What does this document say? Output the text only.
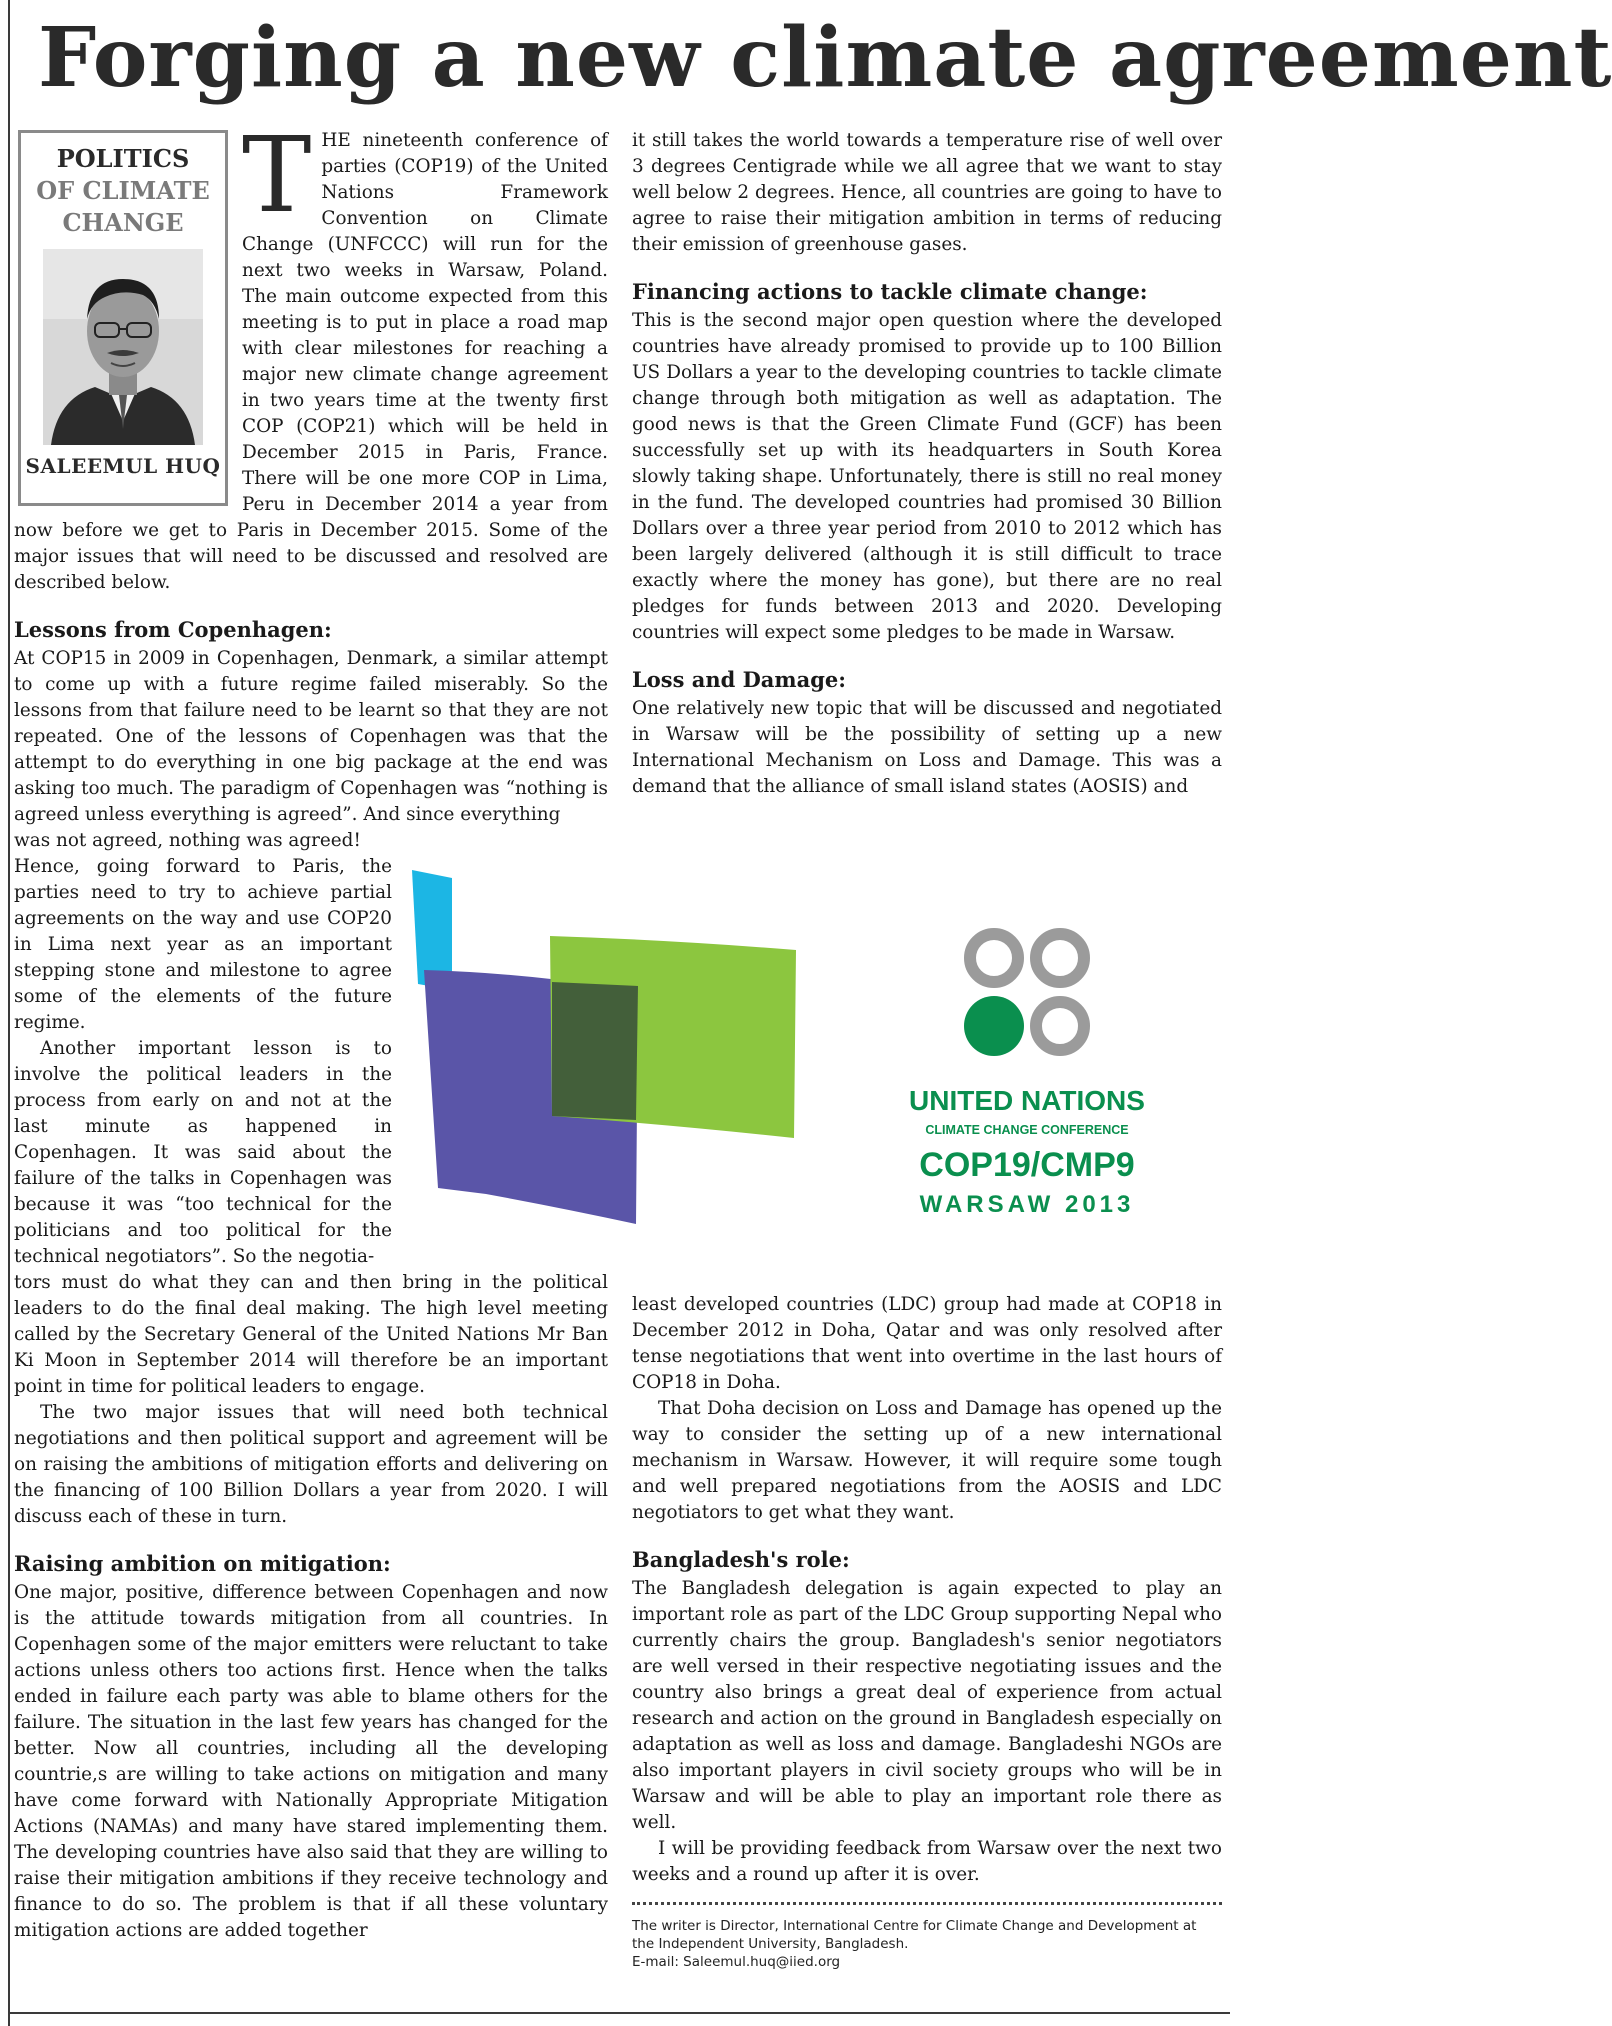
Forging a new climate agreement
POLITICS
OF CLIMATE
CHANGE
SALEEMUL HUQ
T HE nineteenth conference of parties (COP19) of the United Nations Framework Convention on Climate Change (UNFCCC) will run for the next two weeks in Warsaw, Poland. The main outcome expected from this meeting is to put in place a road map with clear milestones for reaching a major new climate change agreement in two years time at the twenty first COP (COP21) which will be held in December 2015 in Paris, France. There will be one more COP in Lima, Peru in December 2014 a year from now before we get to Paris in December 2015. Some of the major issues that will need to be discussed and resolved are described below.

Lessons from Copenhagen:

At COP15 in 2009 in Copenhagen, Denmark, a similar attempt to come up with a future regime failed miserably. So the lessons from that failure need to be learnt so that they are not repeated. One of the lessons of Copenhagen was that the attempt to do everything in one big package at the end was asking too much. The paradigm of Copenhagen was “nothing is agreed unless everything is agreed”. And since everything

was not agreed, nothing was agreed!

Hence, going forward to Paris, the parties need to try to achieve partial agreements on the way and use COP20 in Lima next year as an important stepping stone and milestone to agree some of the elements of the future regime.

Another important lesson is to involve the political leaders in the process from early on and not at the last minute as happened in Copenhagen. It was said about the failure of the talks in Copenhagen was because it was “too technical for the politicians and too political for the technical negotiators”. So the negotia-

tors must do what they can and then bring in the political leaders to do the final deal making. The high level meeting called by the Secretary General of the United Nations Mr Ban Ki Moon in September 2014 will therefore be an important point in time for political leaders to engage.

The two major issues that will need both technical negotiations and then political support and agreement will be on raising the ambitions of mitigation efforts and delivering on the financing of 100 Billion Dollars a year from 2020. I will discuss each of these in turn.

Raising ambition on mitigation:

One major, positive, difference between Copenhagen and now is the attitude towards mitigation from all countries. In Copenhagen some of the major emitters were reluctant to take actions unless others too actions first. Hence when the talks ended in failure each party was able to blame others for the failure. The situation in the last few years has changed for the better. Now all countries, including all the developing countrie,s are willing to take actions on mitigation and many have come forward with Nationally Appropriate Mitigation Actions (NAMAs) and many have stared implementing them. The developing countries have also said that they are willing to raise their mitigation ambitions if they receive technology and finance to do so. The problem is that if all these voluntary mitigation actions are added together

it still takes the world towards a temperature rise of well over 3 degrees Centigrade while we all agree that we want to stay well below 2 degrees. Hence, all countries are going to have to agree to raise their mitigation ambition in terms of reducing their emission of greenhouse gases.

Financing actions to tackle climate change:

This is the second major open question where the developed countries have already promised to provide up to 100 Billion US Dollars a year to the developing countries to tackle climate change through both mitigation as well as adaptation. The good news is that the Green Climate Fund (GCF) has been successfully set up with its headquarters in South Korea slowly taking shape. Unfortunately, there is still no real money in the fund. The developed countries had promised 30 Billion Dollars over a three year period from 2010 to 2012 which has been largely delivered (although it is still difficult to trace exactly where the money has gone), but there are no real pledges for funds between 2013 and 2020. Developing countries will expect some pledges to be made in Warsaw.

Loss and Damage:

One relatively new topic that will be discussed and negotiated in Warsaw will be the possibility of setting up a new International Mechanism on Loss and Damage. This was a demand that the alliance of small island states (AOSIS) and

least developed countries (LDC) group had made at COP18 in December 2012 in Doha, Qatar and was only resolved after tense negotiations that went into overtime in the last hours of COP18 in Doha.

That Doha decision on Loss and Damage has opened up the way to consider the setting up of a new international mechanism in Warsaw. However, it will require some tough and well prepared negotiations from the AOSIS and LDC negotiators to get what they want.

Bangladesh's role:

The Bangladesh delegation is again expected to play an important role as part of the LDC Group supporting Nepal who currently chairs the group. Bangladesh's senior negotiators are well versed in their respective negotiating issues and the country also brings a great deal of experience from actual research and action on the ground in Bangladesh especially on adaptation as well as loss and damage. Bangladeshi NGOs are also important players in civil society groups who will be in Warsaw and will be able to play an important role there as well.

I will be providing feedback from Warsaw over the next two weeks and a round up after it is over.

The writer is Director, International Centre for Climate Change and Development at the Independent University, Bangladesh.
E-mail: Saleemul.huq@iied.org
UNITED NATIONS
CLIMATE CHANGE CONFERENCE
COP19/CMP9
WARSAW 2013
